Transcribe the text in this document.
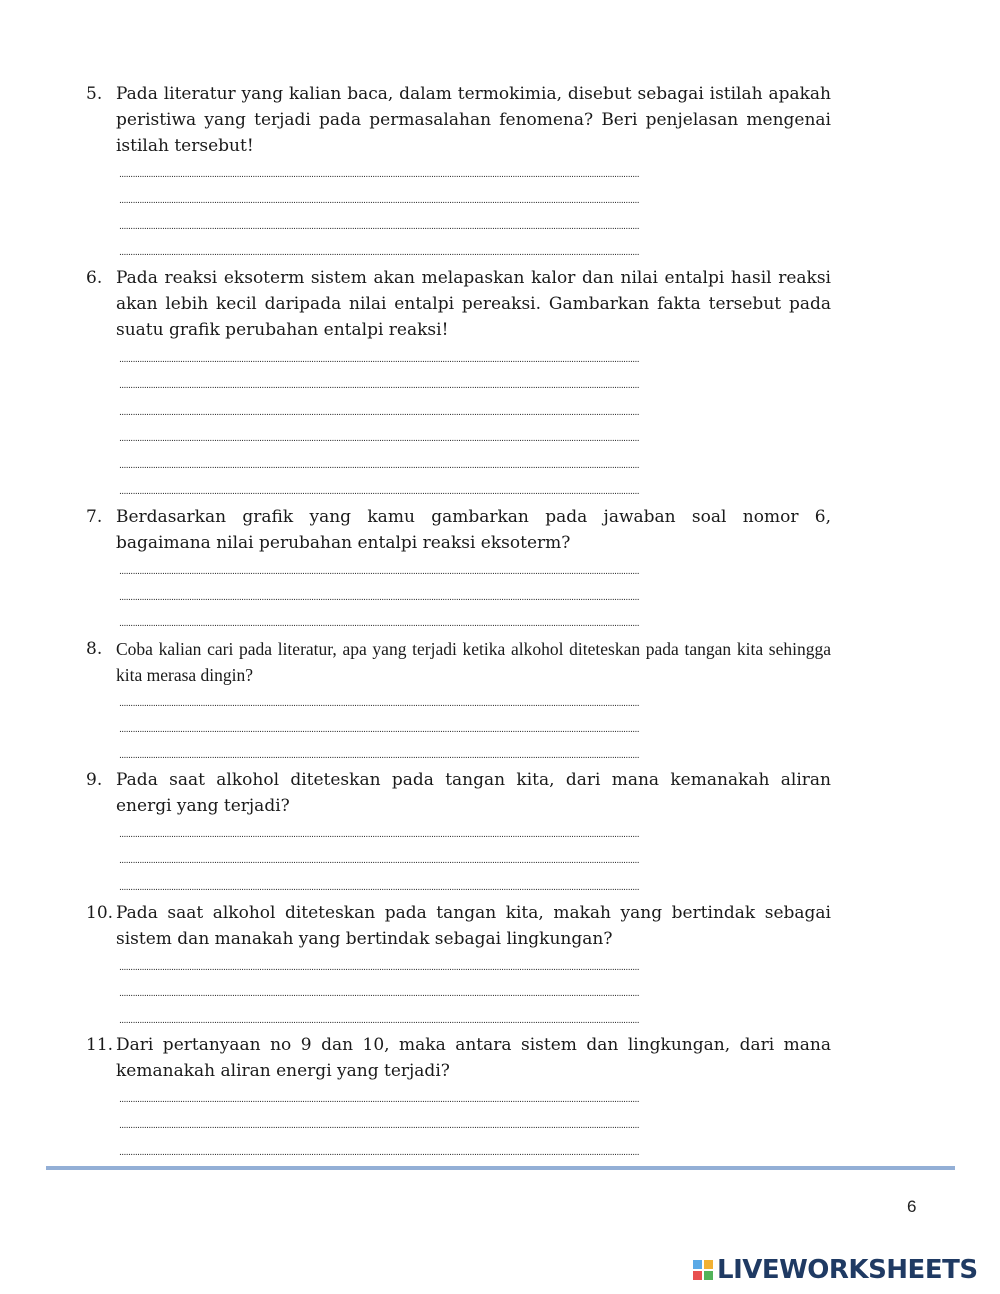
5. Pada literatur yang kalian baca, dalam termokimia, disebut sebagai istilah apakah peristiwa yang terjadi pada permasalahan fenomena? Beri penjelasan mengenai istilah tersebut!
......................................................................................................................................................................................................................................
......................................................................................................................................................................................................................................
......................................................................................................................................................................................................................................
......................................................................................................................................................................................................................................
6. Pada reaksi eksoterm sistem akan melapaskan kalor dan nilai entalpi hasil reaksi akan lebih kecil daripada nilai entalpi pereaksi. Gambarkan fakta tersebut pada suatu grafik perubahan entalpi reaksi!
......................................................................................................................................................................................................................................
......................................................................................................................................................................................................................................
......................................................................................................................................................................................................................................
......................................................................................................................................................................................................................................
......................................................................................................................................................................................................................................
......................................................................................................................................................................................................................................
7. Berdasarkan grafik yang kamu gambarkan pada jawaban soal nomor 6, bagaimana nilai perubahan entalpi reaksi eksoterm?
......................................................................................................................................................................................................................................
......................................................................................................................................................................................................................................
......................................................................................................................................................................................................................................
8. Coba kalian cari pada literatur, apa yang terjadi ketika alkohol diteteskan pada tangan kita sehingga kita merasa dingin?
......................................................................................................................................................................................................................................
......................................................................................................................................................................................................................................
......................................................................................................................................................................................................................................
9. Pada saat alkohol diteteskan pada tangan kita, dari mana kemanakah aliran energi yang terjadi?
......................................................................................................................................................................................................................................
......................................................................................................................................................................................................................................
......................................................................................................................................................................................................................................
10. Pada saat alkohol diteteskan pada tangan kita, makah yang bertindak sebagai sistem dan manakah yang bertindak sebagai lingkungan?
......................................................................................................................................................................................................................................
......................................................................................................................................................................................................................................
......................................................................................................................................................................................................................................
11. Dari pertanyaan no 9 dan 10, maka antara sistem dan lingkungan, dari mana kemanakah aliran energi yang terjadi?
......................................................................................................................................................................................................................................
......................................................................................................................................................................................................................................
......................................................................................................................................................................................................................................
6
LIVEWORKSHEETS
